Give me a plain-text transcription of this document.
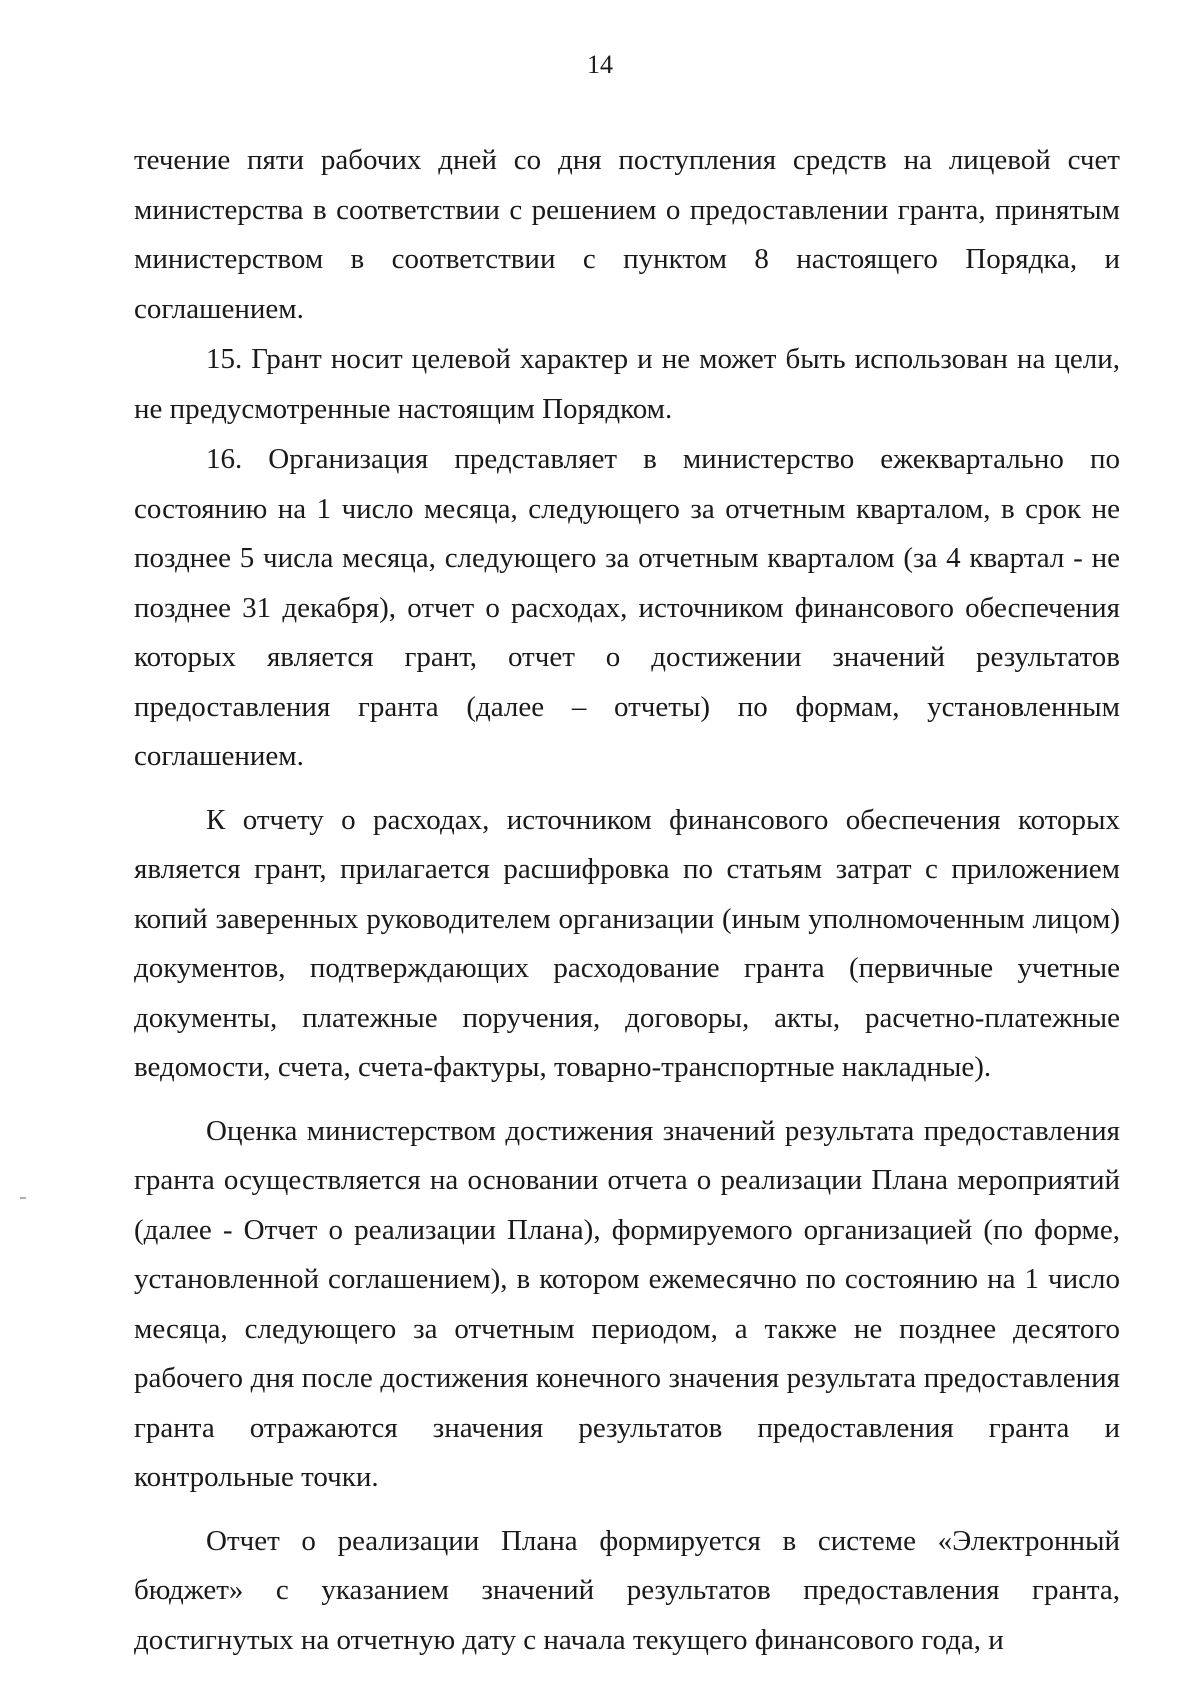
14

течение пяти рабочих дней со дня поступления средств на лицевой счет министерства в соответствии с решением о предоставлении гранта, принятым министерством в соответствии с пунктом 8 настоящего Порядка, и соглашением.

15. Грант носит целевой характер и не может быть использован на цели, не предусмотренные настоящим Порядком.

16. Организация представляет в министерство ежеквартально по состоянию на 1 число месяца, следующего за отчетным кварталом, в срок не позднее 5 числа месяца, следующего за отчетным кварталом (за 4 квартал - не позднее 31 декабря), отчет о расходах, источником финансового обеспечения которых является грант, отчет о достижении значений результатов предоставления гранта (далее – отчеты) по формам, установленным соглашением.

К отчету о расходах, источником финансового обеспечения которых является грант, прилагается расшифровка по статьям затрат с приложением копий заверенных руководителем организации (иным уполномоченным лицом) документов, подтверждающих расходование гранта (первичные учетные документы, платежные поручения, договоры, акты, расчетно-платежные ведомости, счета, счета-фактуры, товарно-транспортные накладные).

Оценка министерством достижения значений результата предоставления гранта осуществляется на основании отчета о реализации Плана мероприятий (далее - Отчет о реализации Плана), формируемого организацией (по форме, установленной соглашением), в котором ежемесячно по состоянию на 1 число месяца, следующего за отчетным периодом, а также не позднее десятого рабочего дня после достижения конечного значения результата предоставления гранта отражаются значения результатов предоставления гранта и контрольные точки.

Отчет о реализации Плана формируется в системе «Электронный бюджет» с указанием значений результатов предоставления гранта, достигнутых на отчетную дату с начала текущего финансового года, и
